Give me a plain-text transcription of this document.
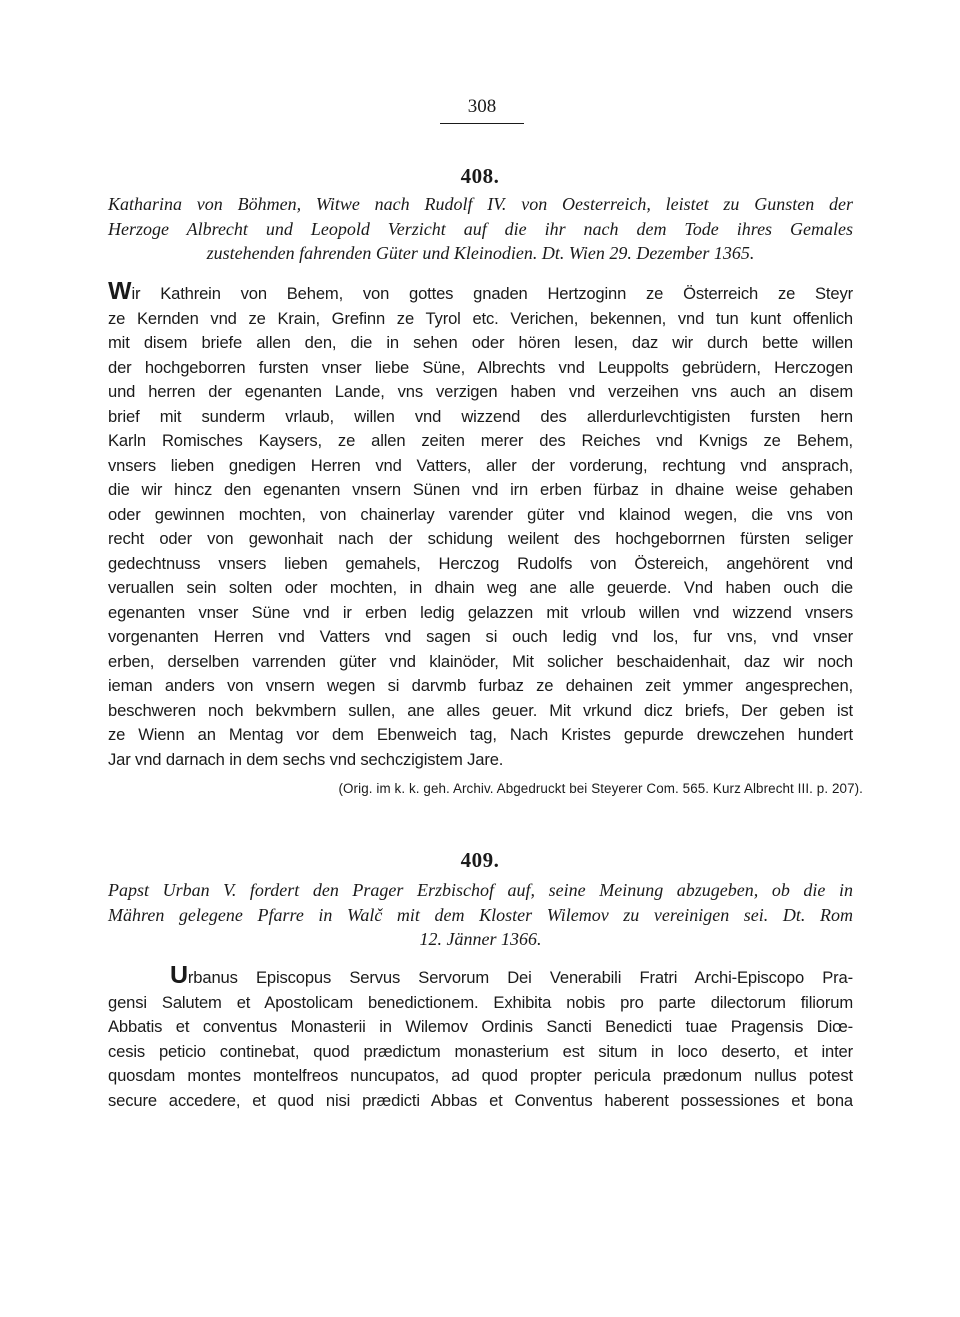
308
408.
Katharina von Böhmen, Witwe nach Rudolf IV. von Oesterreich, leistet zu Gunsten der
Herzoge Albrecht und Leopold Verzicht auf die ihr nach dem Tode ihres Gemales
zustehenden fahrenden Güter und Kleinodien. Dt. Wien 29. Dezember 1365.
Wir Kathrein von Behem, von gottes gnaden Hertzoginn ze Österreich ze Steyr
ze Kernden vnd ze Krain, Grefinn ze Tyrol etc. Verichen, bekennen, vnd tun kunt offenlich
mit disem briefe allen den, die in sehen oder hören lesen, daz wir durch bette willen
der hochgeborren fursten vnser liebe Süne, Albrechts vnd Leuppolts gebrüdern, Herczogen
und herren der egenanten Lande, vns verzigen haben vnd verzeihen vns auch an disem
brief mit sunderm vrlaub, willen vnd wizzend des allerdurlevchtigisten fursten hern
Karln Romisches Kaysers, ze allen zeiten merer des Reiches vnd Kvnigs ze Behem,
vnsers lieben gnedigen Herren vnd Vatters, aller der vorderung, rechtung vnd ansprach,
die wir hincz den egenanten vnsern Sünen vnd irn erben fürbaz in dhaine weise gehaben
oder gewinnen mochten, von chainerlay varender güter vnd klainod wegen, die vns von
recht oder von gewonhait nach der schidung weilent des hochgeborrnen fürsten seliger
gedechtnuss vnsers lieben gemahels, Herczog Rudolfs von Östereich, angehörent vnd
veruallen sein solten oder mochten, in dhain weg ane alle geuerde. Vnd haben ouch die
egenanten vnser Süne vnd ir erben ledig gelazzen mit vrloub willen vnd wizzend vnsers
vorgenanten Herren vnd Vatters vnd sagen si ouch ledig vnd los, fur vns, vnd vnser
erben, derselben varrenden güter vnd klainöder, Mit solicher beschaidenhait, daz wir noch
ieman anders von vnsern wegen si darvmb furbaz ze dehainen zeit ymmer angesprechen,
beschweren noch bekvmbern sullen, ane alles geuer. Mit vrkund dicz briefs, Der geben ist
ze Wienn an Mentag vor dem Ebenweich tag, Nach Kristes gepurde drewczehen hundert
Jar vnd darnach in dem sechs vnd sechczigistem Jare.
(Orig. im k. k. geh. Archiv. Abgedruckt bei Steyerer Com. 565. Kurz Albrecht III. p. 207).
409.
Papst Urban V. fordert den Prager Erzbischof auf, seine Meinung abzugeben, ob die in
Mähren gelegene Pfarre in Walč mit dem Kloster Wilemov zu vereinigen sei. Dt. Rom
12. Jänner 1366.
Urbanus Episcopus Servus Servorum Dei Venerabili Fratri Archi-Episcopo Pra-
gensi Salutem et Apostolicam benedictionem. Exhibita nobis pro parte dilectorum filiorum
Abbatis et conventus Monasterii in Wilemov Ordinis Sancti Benedicti tuae Pragensis Diœ-
cesis peticio continebat, quod prædictum monasterium est situm in loco deserto, et inter
quosdam montes montelfreos nuncupatos, ad quod propter pericula prædonum nullus potest
secure accedere, et quod nisi prædicti Abbas et Conventus haberent possessiones et bona
